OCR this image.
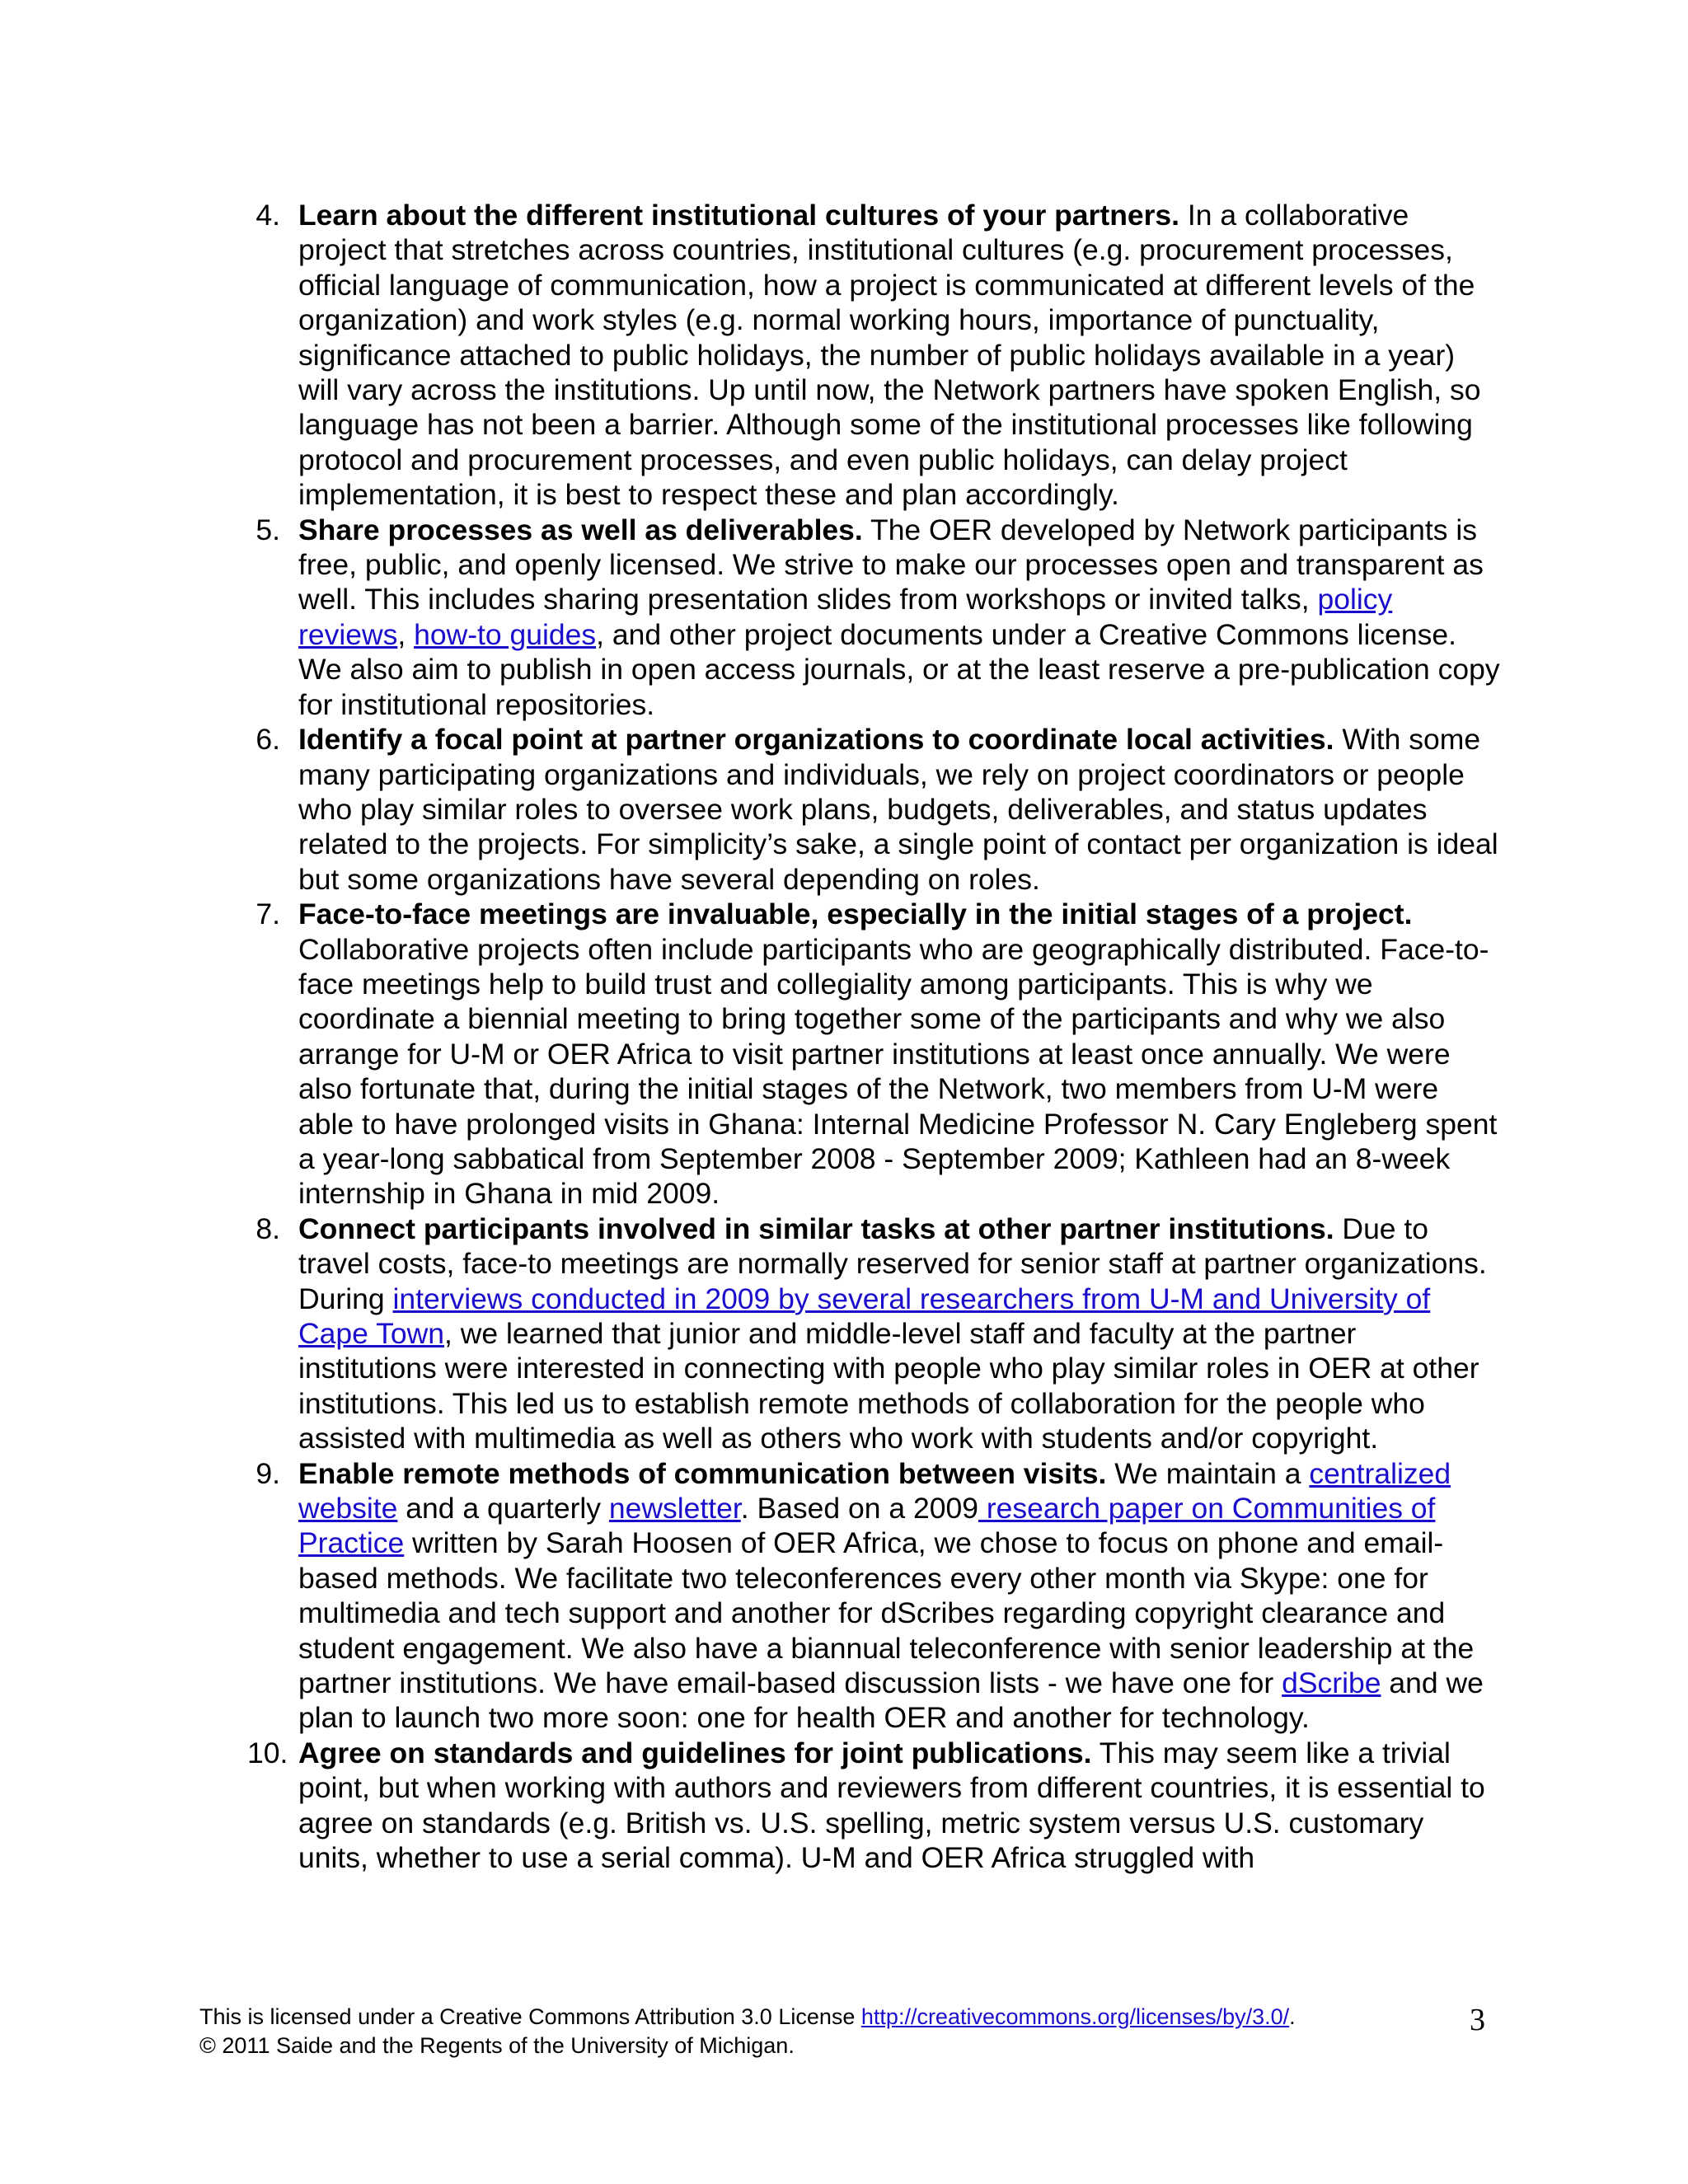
4. Learn about the different institutional cultures of your partners. In a collaborative project that stretches across countries, institutional cultures (e.g. procurement processes, official language of communication, how a project is communicated at different levels of the organization) and work styles (e.g. normal working hours, importance of punctuality, significance attached to public holidays, the number of public holidays available in a year) will vary across the institutions. Up until now, the Network partners have spoken English, so language has not been a barrier. Although some of the institutional processes like following protocol and procurement processes, and even public holidays, can delay project implementation, it is best to respect these and plan accordingly.
5. Share processes as well as deliverables. The OER developed by Network participants is free, public, and openly licensed. We strive to make our processes open and transparent as well. This includes sharing presentation slides from workshops or invited talks, policy reviews, how-to guides, and other project documents under a Creative Commons license. We also aim to publish in open access journals, or at the least reserve a pre-publication copy for institutional repositories.
6. Identify a focal point at partner organizations to coordinate local activities. With some many participating organizations and individuals, we rely on project coordinators or people who play similar roles to oversee work plans, budgets, deliverables, and status updates related to the projects. For simplicity’s sake, a single point of contact per organization is ideal but some organizations have several depending on roles.
7. Face-to-face meetings are invaluable, especially in the initial stages of a project. Collaborative projects often include participants who are geographically distributed. Face-to-face meetings help to build trust and collegiality among participants. This is why we coordinate a biennial meeting to bring together some of the participants and why we also arrange for U-M or OER Africa to visit partner institutions at least once annually. We were also fortunate that, during the initial stages of the Network, two members from U-M were able to have prolonged visits in Ghana: Internal Medicine Professor N. Cary Engleberg spent a year-long sabbatical from September 2008 - September 2009; Kathleen had an 8-week internship in Ghana in mid 2009.
8. Connect participants involved in similar tasks at other partner institutions. Due to travel costs, face-to meetings are normally reserved for senior staff at partner organizations. During interviews conducted in 2009 by several researchers from U-M and University of Cape Town, we learned that junior and middle-level staff and faculty at the partner institutions were interested in connecting with people who play similar roles in OER at other institutions. This led us to establish remote methods of collaboration for the people who assisted with multimedia as well as others who work with students and/or copyright.
9. Enable remote methods of communication between visits. We maintain a centralized website and a quarterly newsletter. Based on a 2009 research paper on Communities of Practice written by Sarah Hoosen of OER Africa, we chose to focus on phone and email-based methods. We facilitate two teleconferences every other month via Skype: one for multimedia and tech support and another for dScribes regarding copyright clearance and student engagement. We also have a biannual teleconference with senior leadership at the partner institutions. We have email-based discussion lists - we have one for dScribe and we plan to launch two more soon: one for health OER and another for technology.
10. Agree on standards and guidelines for joint publications. This may seem like a trivial point, but when working with authors and reviewers from different countries, it is essential to agree on standards (e.g. British vs. U.S. spelling, metric system versus U.S. customary units, whether to use a serial comma). U-M and OER Africa struggled with
This is licensed under a Creative Commons Attribution 3.0 License http://creativecommons.org/licenses/by/3.0/.
© 2011 Saide and the Regents of the University of Michigan.
3
